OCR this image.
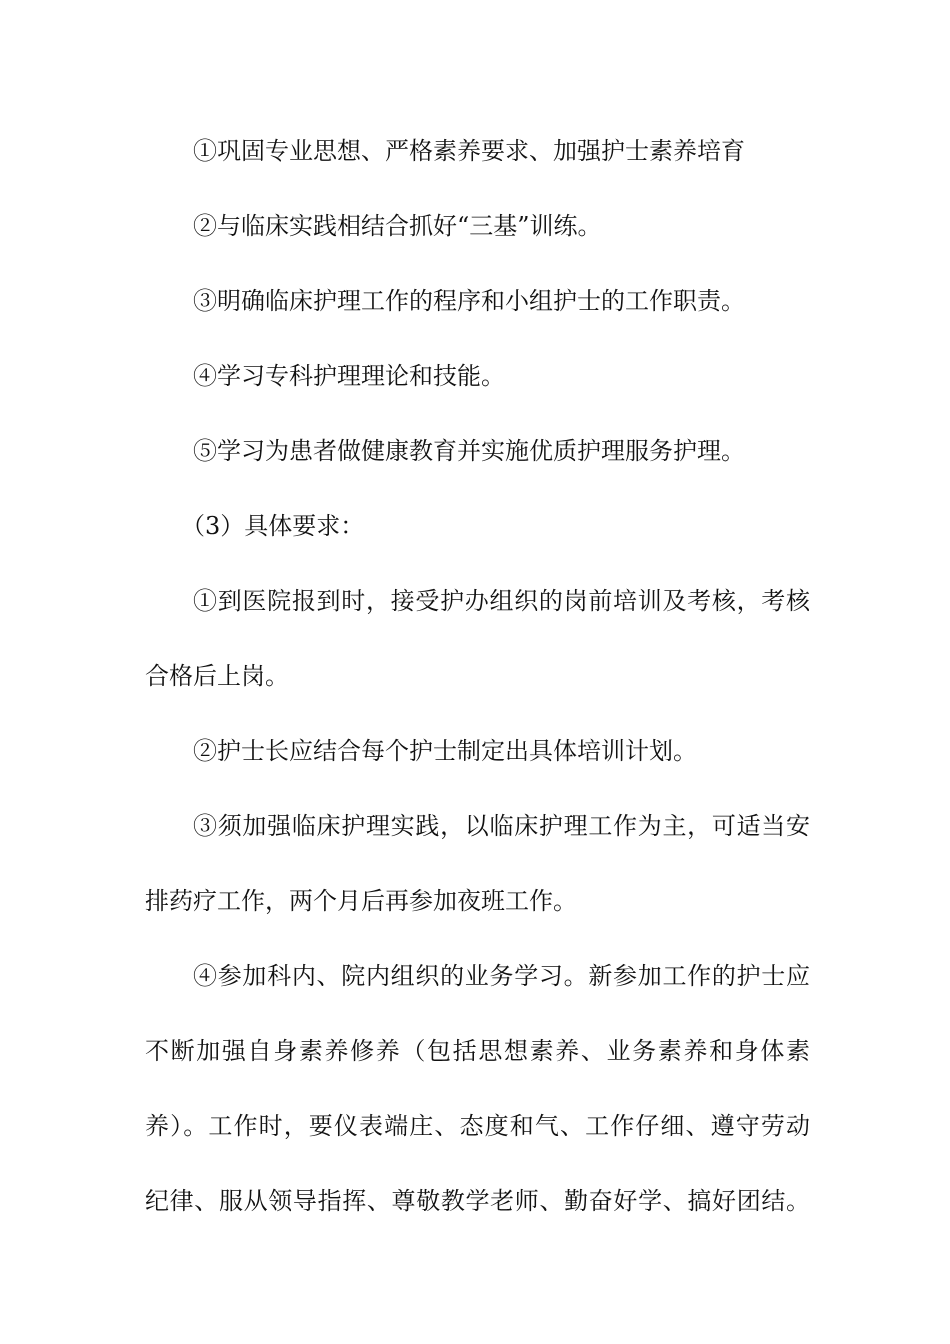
①巩固专业思想、严格素养要求、加强护士素养培育
②与临床实践相结合抓好“三基”训练。
③明确临床护理工作的程序和小组护士的工作职责。
④学习专科护理理论和技能。
⑤学习为患者做健康教育并实施优质护理服务护理。
（3）具体要求：
①到医院报到时，接受护办组织的岗前培训及考核，考核
合格后上岗。
②护士长应结合每个护士制定出具体培训计划。
③须加强临床护理实践，以临床护理工作为主，可适当安
排药疗工作，两个月后再参加夜班工作。
④参加科内、院内组织的业务学习。新参加工作的护士应
不断加强自身素养修养（包括思想素养、业务素养和身体素
养）。工作时，要仪表端庄、态度和气、工作仔细、遵守劳动
纪律、服从领导指挥、尊敬教学老师、勤奋好学、搞好团结。
